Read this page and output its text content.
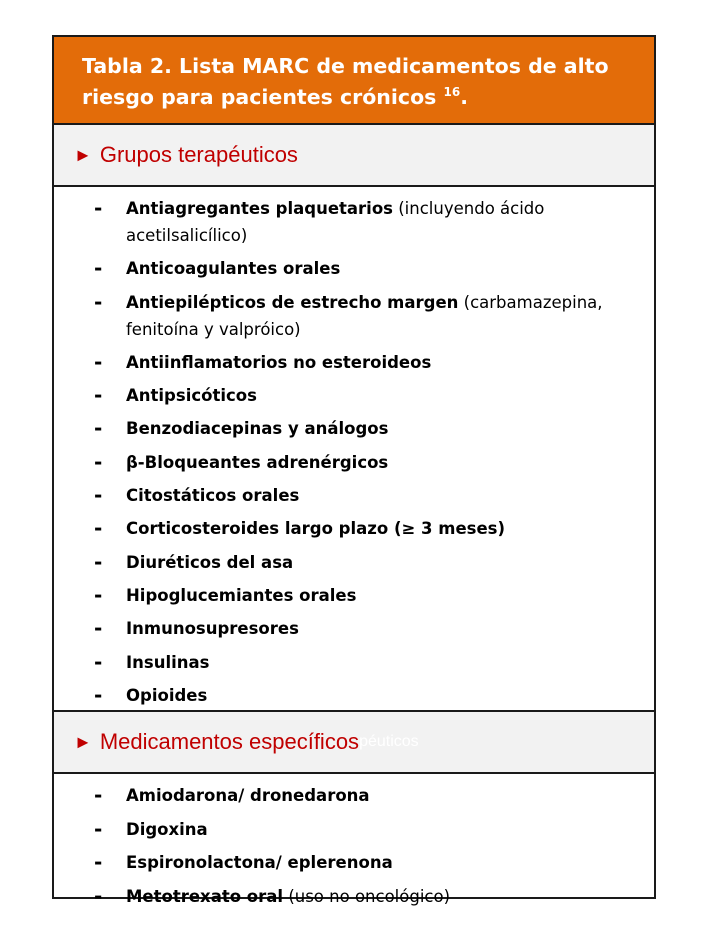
Tabla 2. Lista MARC de medicamentos de alto riesgo para pacientes crónicos $^{16}$.
► Grupos terapéuticos
- Antiagregantes plaquetarios (incluyendo ácido acetilsalicílico)
- Anticoagulantes orales
- Antiepilépticos de estrecho margen (carbamazepina, fenitoína y valpróico)
- Antiinflamatorios no esteroideos
- Antipsicóticos
- Benzodiacepinas y análogos
- β-Bloqueantes adrenérgicos
- Citostáticos orales
- Corticosteroides largo plazo (≥ 3 meses)
- Diuréticos del asa
- Hipoglucemiantes orales
- Inmunosupresores
- Insulinas
- Opioides
► Medicamentos específicos péuticos
- Amiodarona/ dronedarona
- Digoxina
- Espironolactona/ eplerenona
- Metotrexato oral (uso no oncológico)
